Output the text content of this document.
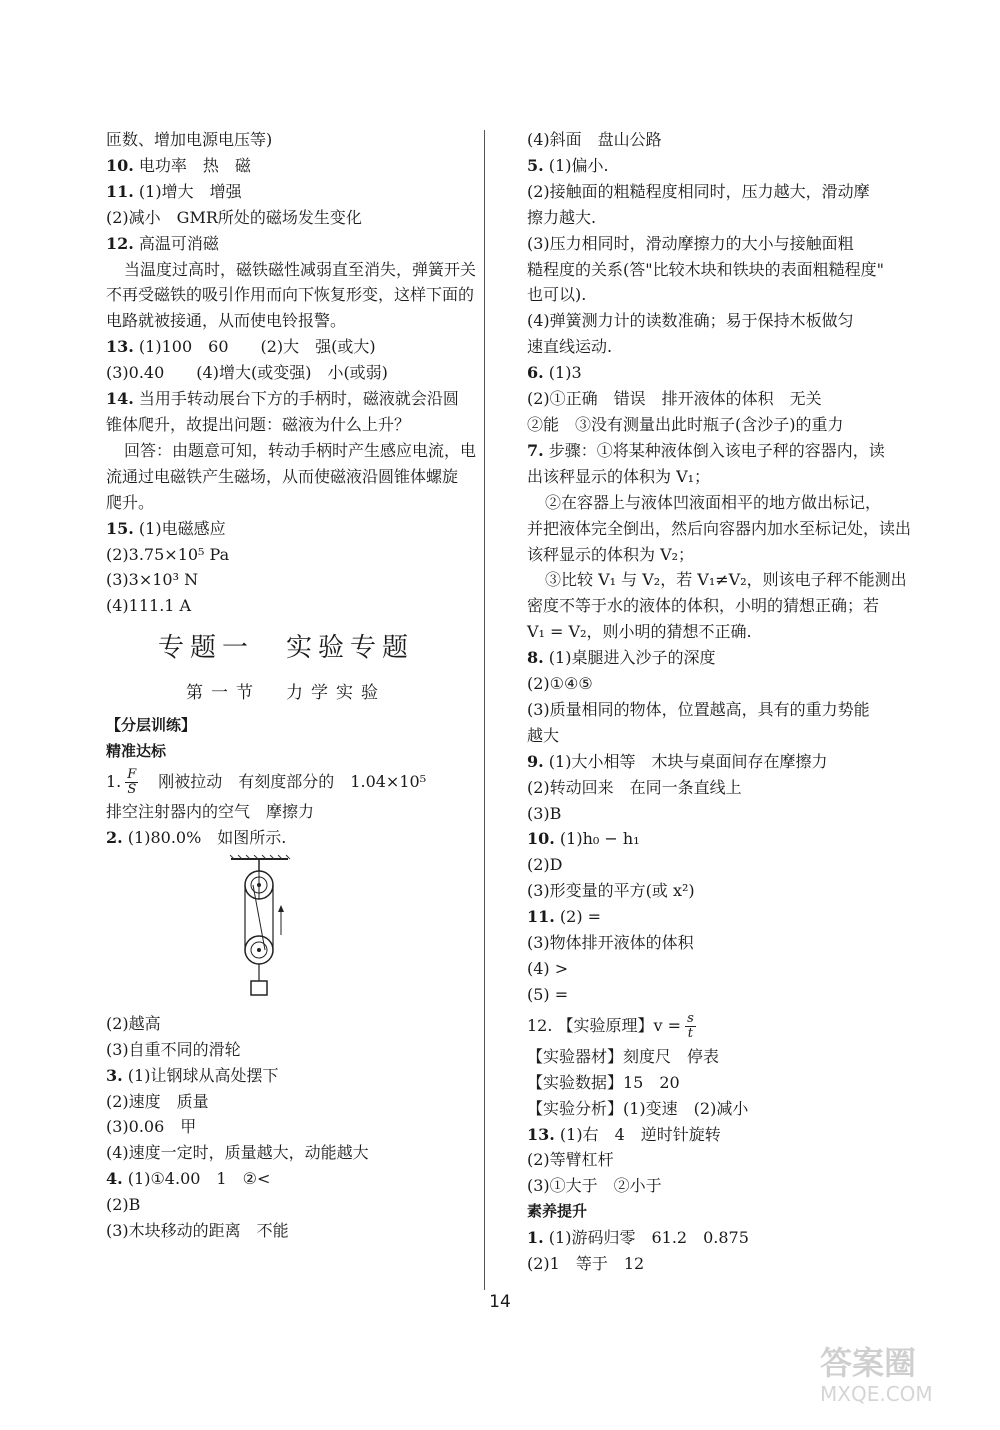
匝数、增加电源电压等)
10. 电功率　热　磁
11. (1)增大　增强
(2)减小　GMR所处的磁场发生变化
12. 高温可消磁
当温度过高时，磁铁磁性减弱直至消失，弹簧开关
不再受磁铁的吸引作用而向下恢复形变，这样下面的
电路就被接通，从而使电铃报警。
13. (1)100　60　　(2)大　强(或大)
(3)0.40　　(4)增大(或变强)　小(或弱)
14. 当用手转动展台下方的手柄时，磁液就会沿圆
锥体爬升，故提出问题：磁液为什么上升？
回答：由题意可知，转动手柄时产生感应电流，电
流通过电磁铁产生磁场，从而使磁液沿圆锥体螺旋
爬升。
15. (1)电磁感应
(2)3.75×10⁵ Pa
(3)3×10³ N
(4)111.1 A
专题一　实验专题
第一节　力学实验
【分层训练】
精准达标
1. $\frac{F}{S}$ 　刚被拉动　有刻度部分的　1.04×10⁵
排空注射器内的空气　摩擦力
2. (1)80.0%　如图所示.
(2)越高
(3)自重不同的滑轮
3. (1)让钢球从高处摆下
(2)速度　质量
(3)0.06　甲
(4)速度一定时，质量越大，动能越大
4. (1)①4.00　1　②<
(2)B
(3)木块移动的距离　不能
(4)斜面　盘山公路
5. (1)偏小.
(2)接触面的粗糙程度相同时，压力越大，滑动摩
擦力越大.
(3)压力相同时，滑动摩擦力的大小与接触面粗
糙程度的关系(答"比较木块和铁块的表面粗糙程度"
也可以).
(4)弹簧测力计的读数准确；易于保持木板做匀
速直线运动.
6. (1)3
(2)①正确　错误　排开液体的体积　无关
②能　③没有测量出此时瓶子(含沙子)的重力
7. 步骤：①将某种液体倒入该电子秤的容器内，读
出该秤显示的体积为 V₁；
②在容器上与液体凹液面相平的地方做出标记，
并把液体完全倒出，然后向容器内加水至标记处，读出
该秤显示的体积为 V₂；
③比较 V₁ 与 V₂，若 V₁≠V₂，则该电子秤不能测出
密度不等于水的液体的体积，小明的猜想正确；若
V₁ = V₂，则小明的猜想不正确.
8. (1)桌腿进入沙子的深度
(2)①④⑤
(3)质量相同的物体，位置越高，具有的重力势能
越大
9. (1)大小相等　木块与桌面间存在摩擦力
(2)转动回来　在同一条直线上
(3)B
10. (1)h₀ − h₁
(2)D
(3)形变量的平方(或 x²)
11. (2) =
(3)物体排开液体的体积
(4) >
(5) =
12. 【实验原理】$v = \frac{s}{t}$
【实验器材】刻度尺　停表
【实验数据】15　20
【实验分析】(1)变速　(2)减小
13. (1)右　4　逆时针旋转
(2)等臂杠杆
(3)①大于　②小于
素养提升
1. (1)游码归零　61.2　0.875
(2)1　等于　12
14
答案圈
MXQE.COM
